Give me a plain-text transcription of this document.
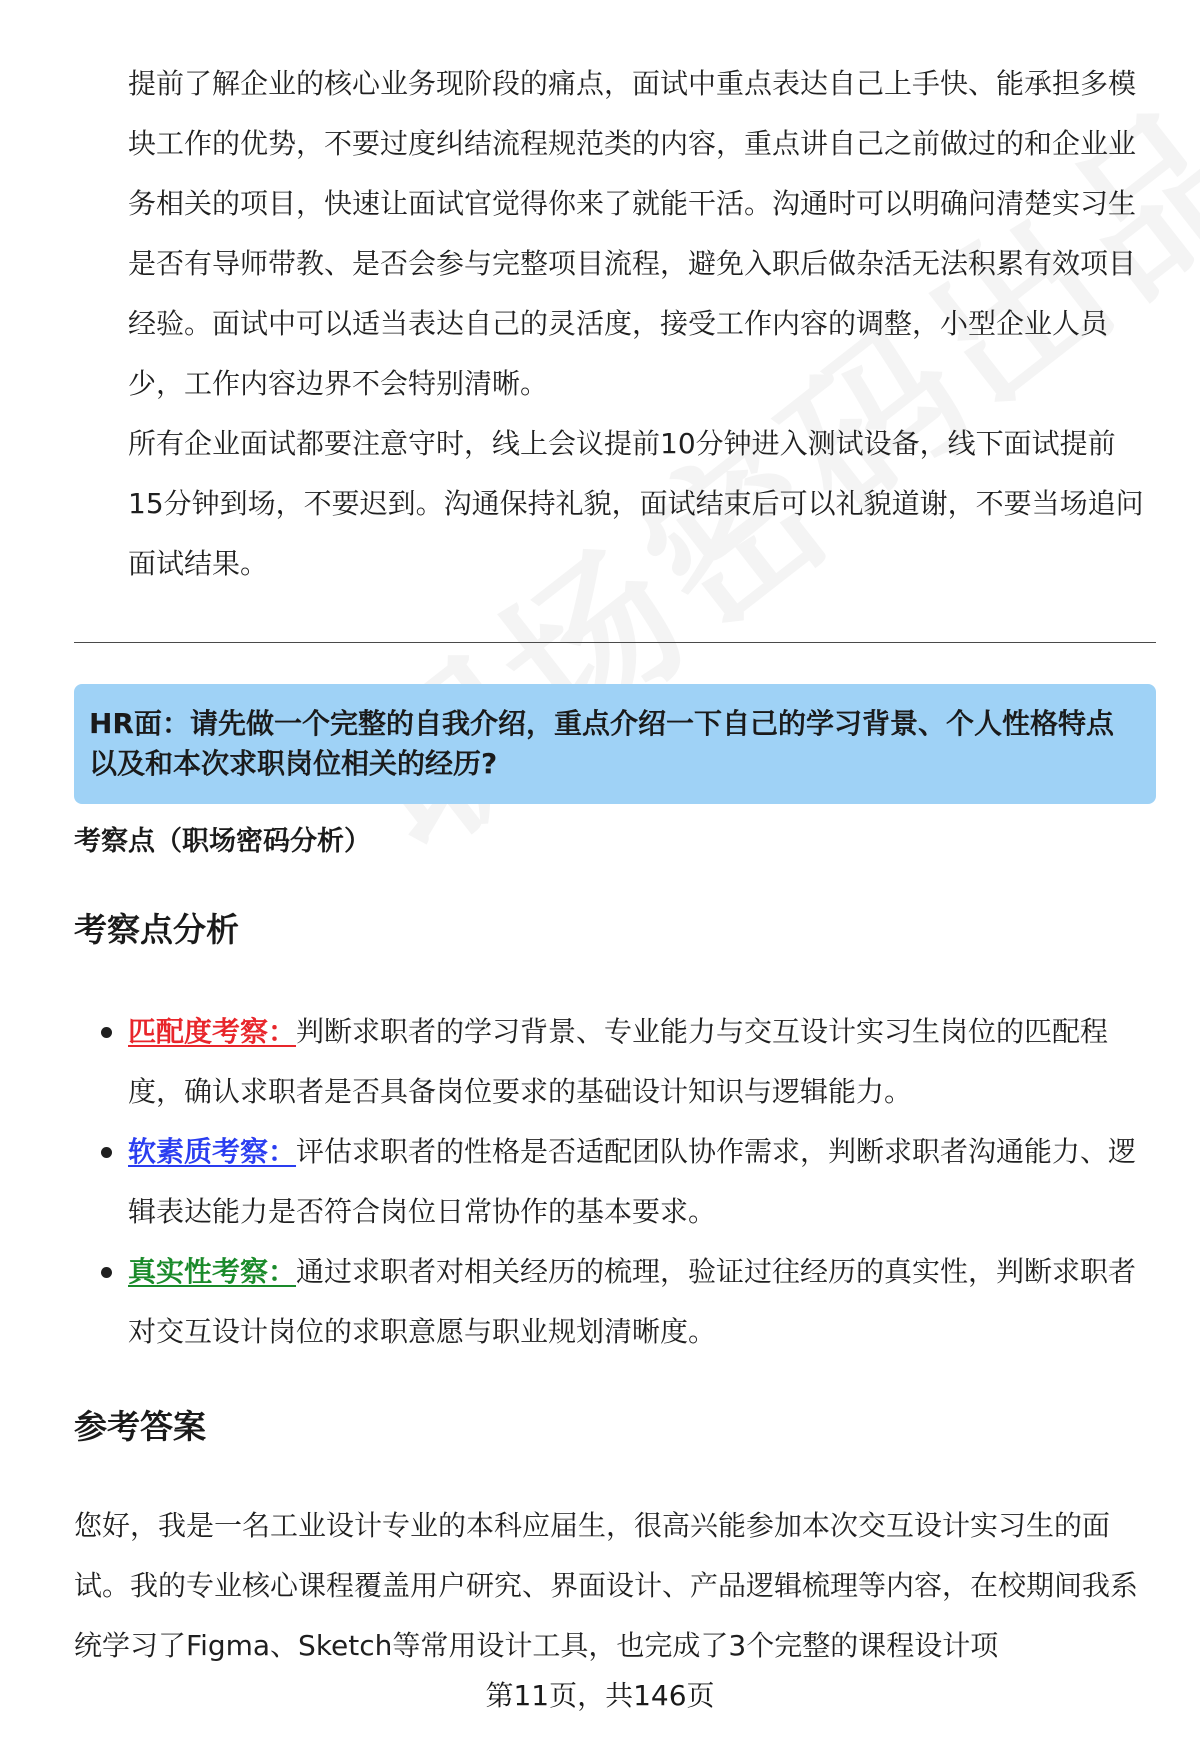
提前了解企业的核心业务现阶段的痛点，面试中重点表达自己上手快、能承担多模块工作的优势，不要过度纠结流程规范类的内容，重点讲自己之前做过的和企业业务相关的项目，快速让面试官觉得你来了就能干活。沟通时可以明确问清楚实习生是否有导师带教、是否会参与完整项目流程，避免入职后做杂活无法积累有效项目经验。面试中可以适当表达自己的灵活度，接受工作内容的调整，小型企业人员少，工作内容边界不会特别清晰。

所有企业面试都要注意守时，线上会议提前10分钟进入测试设备，线下面试提前15分钟到场，不要迟到。沟通保持礼貌，面试结束后可以礼貌道谢，不要当场追问面试结果。

HR面：请先做一个完整的自我介绍，重点介绍一下自己的学习背景、个人性格特点以及和本次求职岗位相关的经历?
考察点（职场密码分析）
考察点分析
匹配度考察：判断求职者的学习背景、专业能力与交互设计实习生岗位的匹配程度，确认求职者是否具备岗位要求的基础设计知识与逻辑能力。
软素质考察：评估求职者的性格是否适配团队协作需求，判断求职者沟通能力、逻辑表达能力是否符合岗位日常协作的基本要求。
真实性考察：通过求职者对相关经历的梳理，验证过往经历的真实性，判断求职者对交互设计岗位的求职意愿与职业规划清晰度。
参考答案

您好，我是一名工业设计专业的本科应届生，很高兴能参加本次交互设计实习生的面试。我的专业核心课程覆盖用户研究、界面设计、产品逻辑梳理等内容，在校期间我系统学习了Figma、Sketch等常用设计工具，也完成了3个完整的课程设计项

第11页，共146页
